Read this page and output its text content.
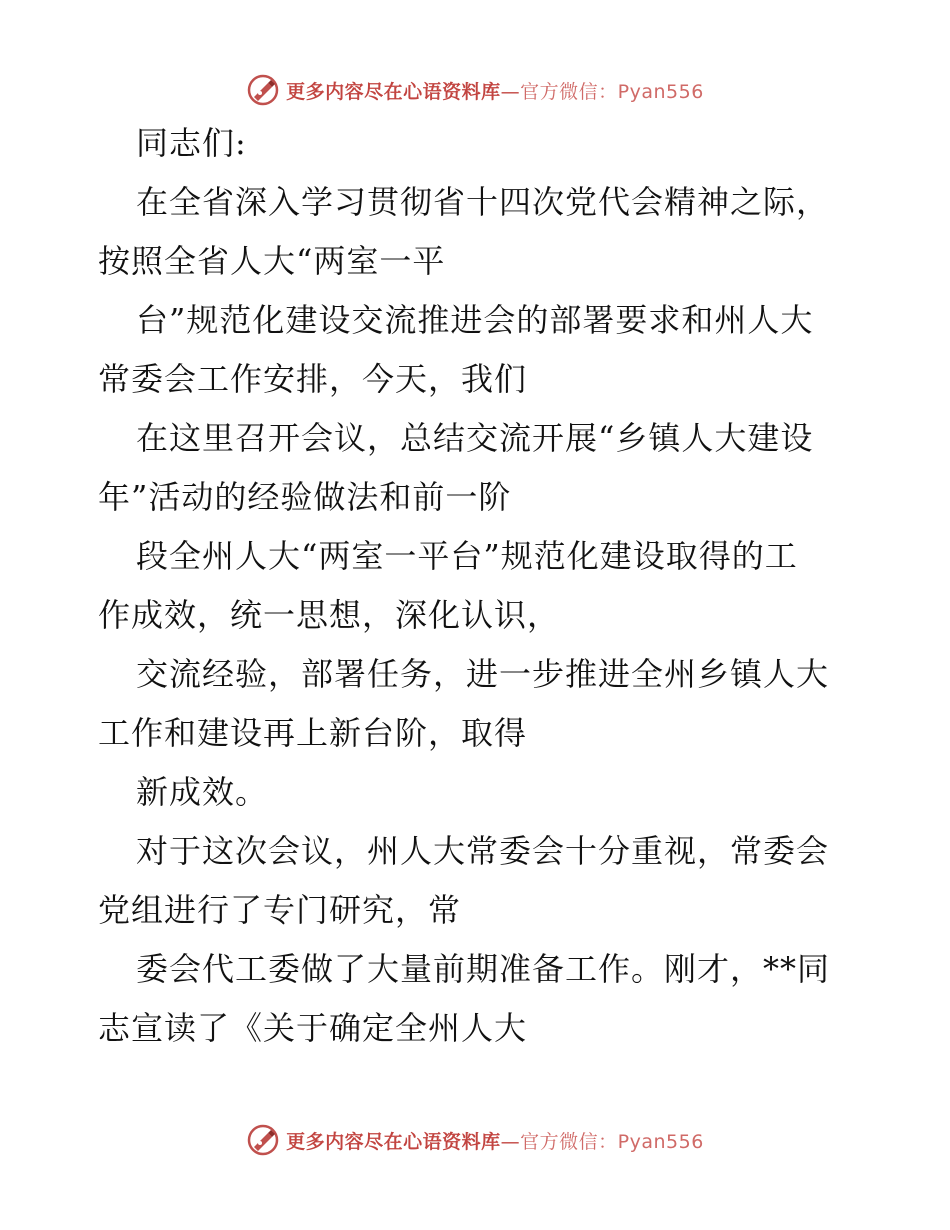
更多内容尽在心语资料库—官方微信：Pyan556

同志们:

在全省深入学习贯彻省十四次党代会精神之际，

按照全省人大“两室一平

台”规范化建设交流推进会的部署要求和州人大

常委会工作安排，今天，我们

在这里召开会议，总结交流开展“乡镇人大建设

年”活动的经验做法和前一阶

段全州人大“两室一平台”规范化建设取得的工

作成效，统一思想，深化认识，

交流经验，部署任务，进一步推进全州乡镇人大

工作和建设再上新台阶，取得

新成效。

对于这次会议，州人大常委会十分重视，常委会

党组进行了专门研究，常

委会代工委做了大量前期准备工作。刚才，**同

志宣读了《关于确定全州人大

更多内容尽在心语资料库—官方微信：Pyan556
